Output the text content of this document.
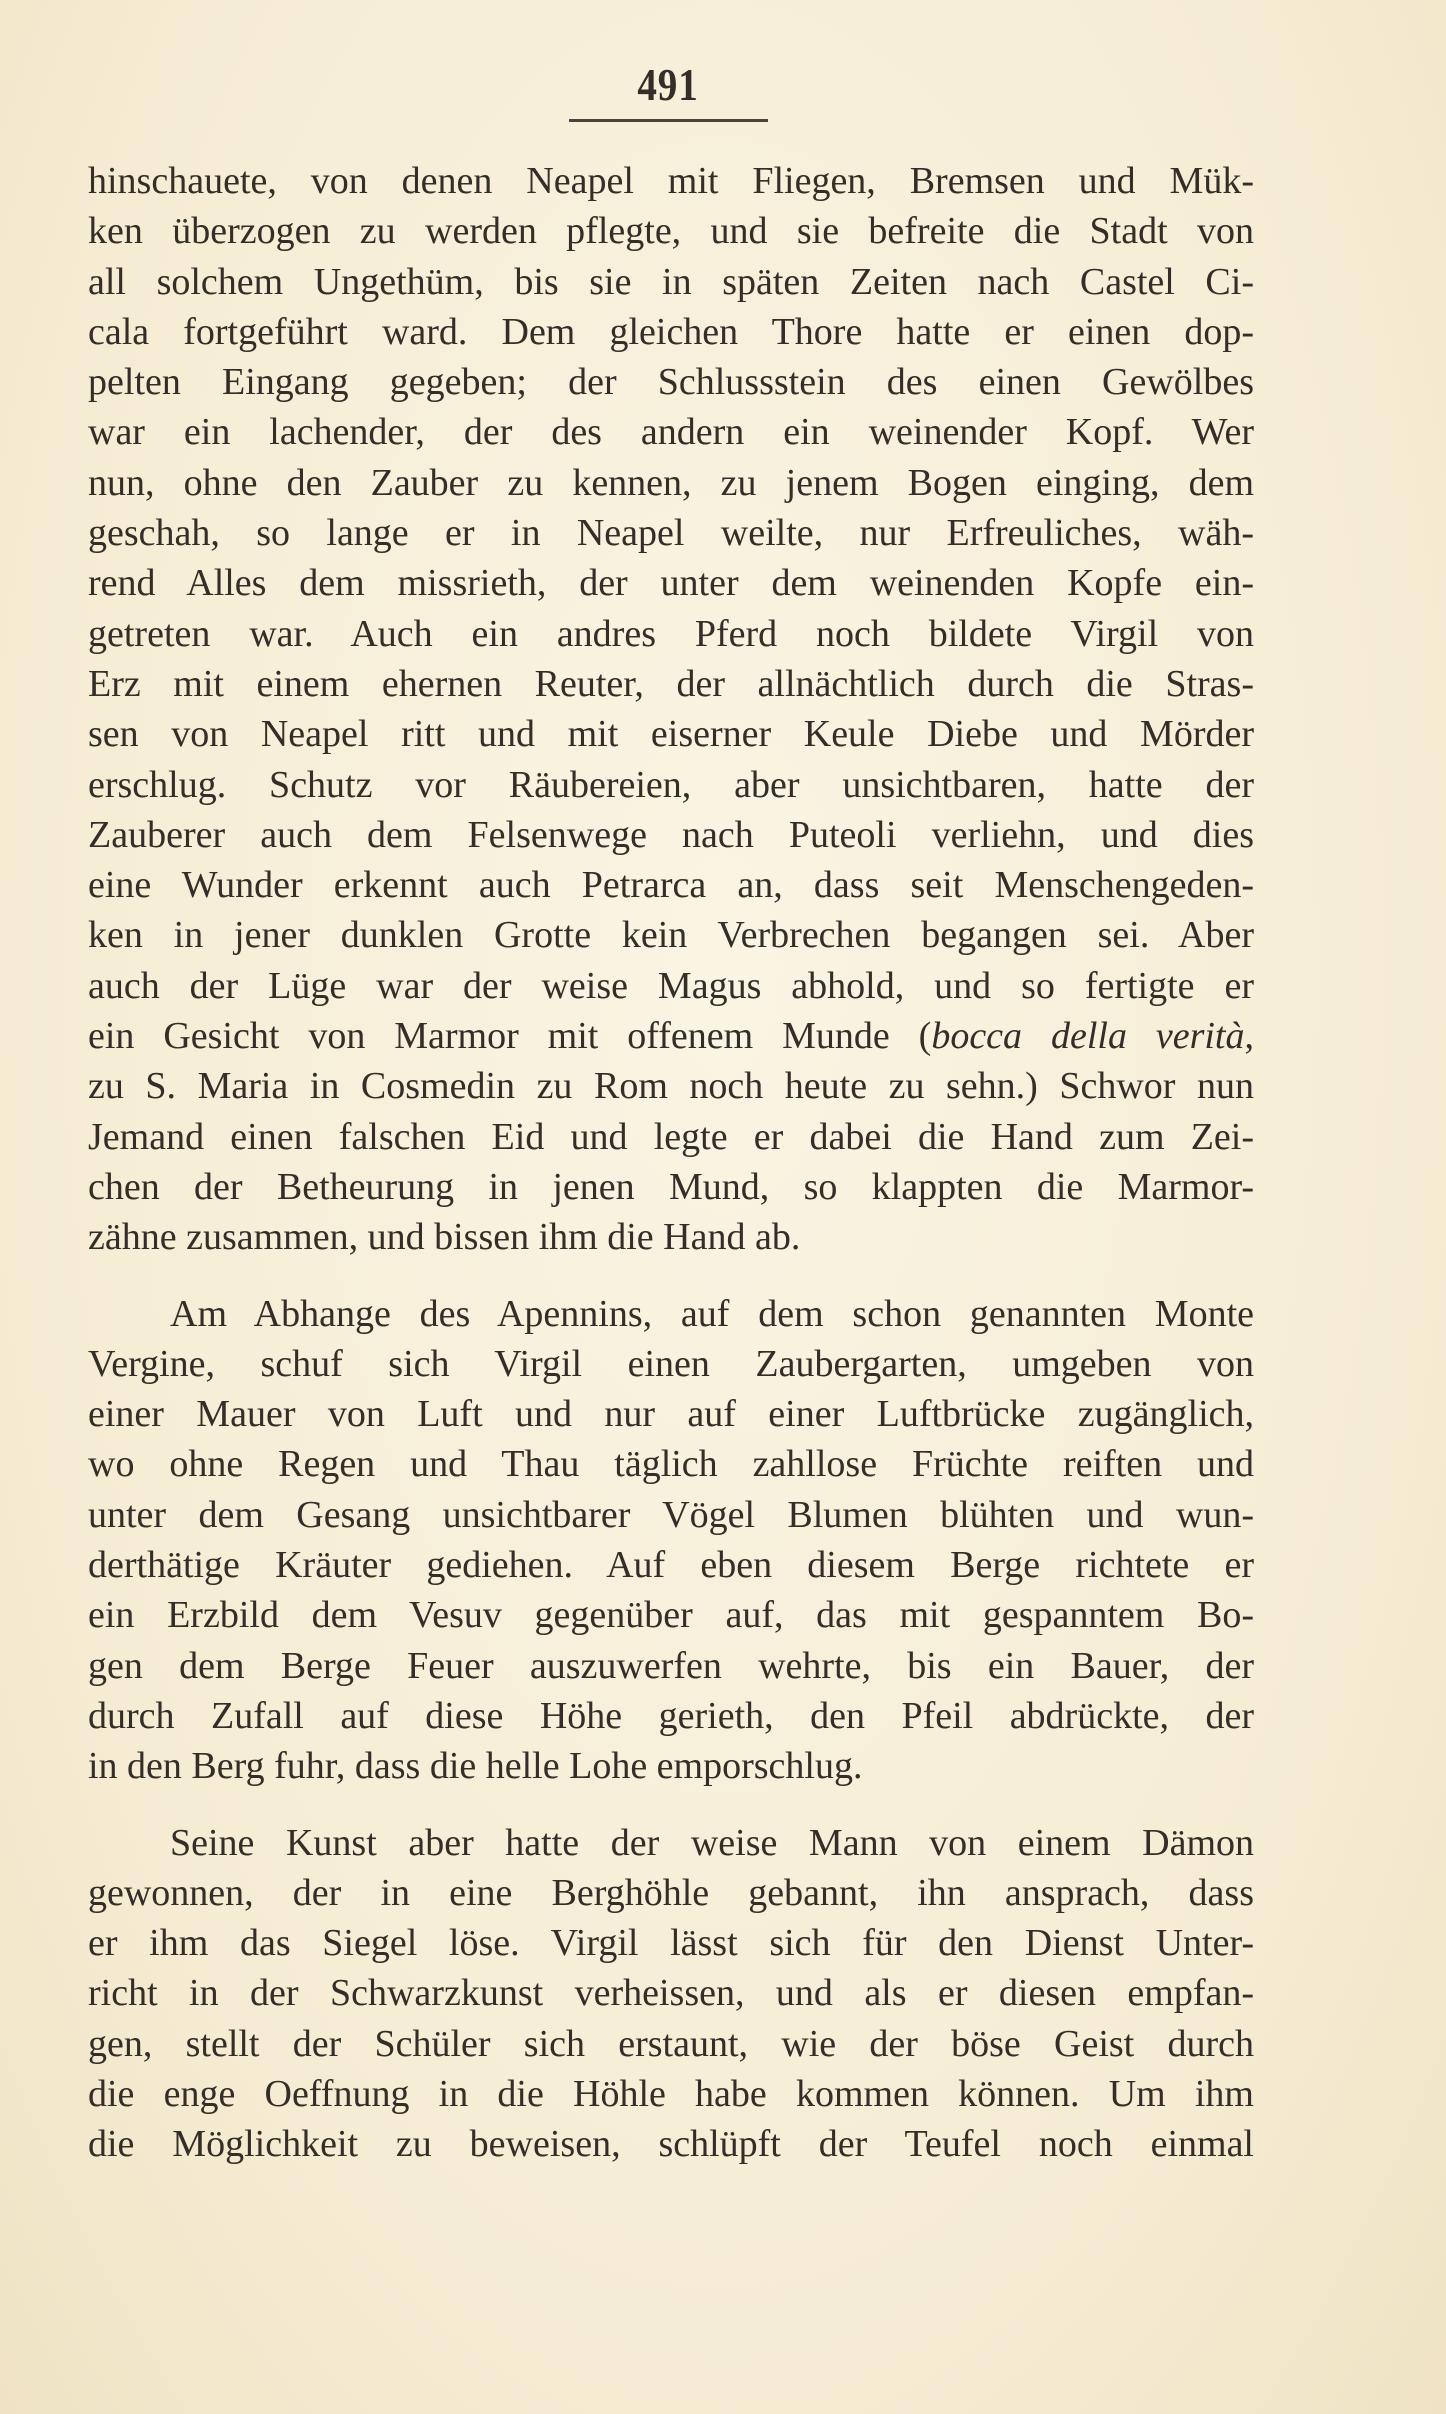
491
hinschauete, von denen Neapel mit Fliegen, Bremsen und Mük-
ken überzogen zu werden pflegte, und sie befreite die Stadt von
all solchem Ungethüm, bis sie in späten Zeiten nach Castel Ci-
cala fortgeführt ward. Dem gleichen Thore hatte er einen dop-
pelten Eingang gegeben; der Schlussstein des einen Gewölbes
war ein lachender, der des andern ein weinender Kopf. Wer
nun, ohne den Zauber zu kennen, zu jenem Bogen einging, dem
geschah, so lange er in Neapel weilte, nur Erfreuliches, wäh-
rend Alles dem missrieth, der unter dem weinenden Kopfe ein-
getreten war. Auch ein andres Pferd noch bildete Virgil von
Erz mit einem ehernen Reuter, der allnächtlich durch die Stras-
sen von Neapel ritt und mit eiserner Keule Diebe und Mörder
erschlug. Schutz vor Räubereien, aber unsichtbaren, hatte der
Zauberer auch dem Felsenwege nach Puteoli verliehn, und dies
eine Wunder erkennt auch Petrarca an, dass seit Menschengeden-
ken in jener dunklen Grotte kein Verbrechen begangen sei. Aber
auch der Lüge war der weise Magus abhold, und so fertigte er
ein Gesicht von Marmor mit offenem Munde (bocca della verità,
zu S. Maria in Cosmedin zu Rom noch heute zu sehn.) Schwor nun
Jemand einen falschen Eid und legte er dabei die Hand zum Zei-
chen der Betheurung in jenen Mund, so klappten die Marmor-
zähne zusammen, und bissen ihm die Hand ab.
Am Abhange des Apennins, auf dem schon genannten Monte
Vergine, schuf sich Virgil einen Zaubergarten, umgeben von
einer Mauer von Luft und nur auf einer Luftbrücke zugänglich,
wo ohne Regen und Thau täglich zahllose Früchte reiften und
unter dem Gesang unsichtbarer Vögel Blumen blühten und wun-
derthätige Kräuter gediehen. Auf eben diesem Berge richtete er
ein Erzbild dem Vesuv gegenüber auf, das mit gespanntem Bo-
gen dem Berge Feuer auszuwerfen wehrte, bis ein Bauer, der
durch Zufall auf diese Höhe gerieth, den Pfeil abdrückte, der
in den Berg fuhr, dass die helle Lohe emporschlug.
Seine Kunst aber hatte der weise Mann von einem Dämon
gewonnen, der in eine Berghöhle gebannt, ihn ansprach, dass
er ihm das Siegel löse. Virgil lässt sich für den Dienst Unter-
richt in der Schwarzkunst verheissen, und als er diesen empfan-
gen, stellt der Schüler sich erstaunt, wie der böse Geist durch
die enge Oeffnung in die Höhle habe kommen können. Um ihm
die Möglichkeit zu beweisen, schlüpft der Teufel noch einmal
